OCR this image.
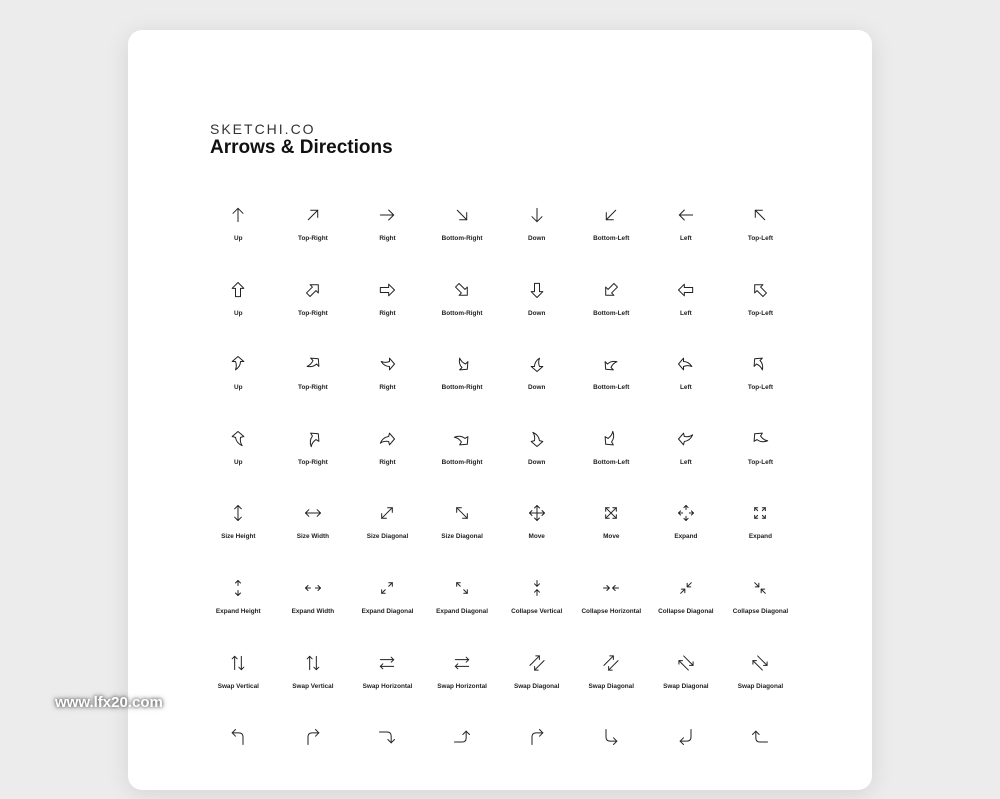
SKETCHI.CO
Arrows & Directions
Up	Top-Right	Right	Bottom-Right	Down	Bottom-Left	Left	Top-Left
Up	Top-Right	Right	Bottom-Right	Down	Bottom-Left	Left	Top-Left
Up	Top-Right	Right	Bottom-Right	Down	Bottom-Left	Left	Top-Left
Up	Top-Right	Right	Bottom-Right	Down	Bottom-Left	Left	Top-Left
Size Height	Size Width	Size Diagonal	Size Diagonal	Move	Move	Expand	Expand
Expand Height	Expand Width	Expand Diagonal	Expand Diagonal	Collapse Vertical	Collapse Horizontal	Collapse Diagonal	Collapse Diagonal
Swap Vertical	Swap Vertical	Swap Horizontal	Swap Horizontal	Swap Diagonal	Swap Diagonal	Swap Diagonal	Swap Diagonal
www.lfx20.com
